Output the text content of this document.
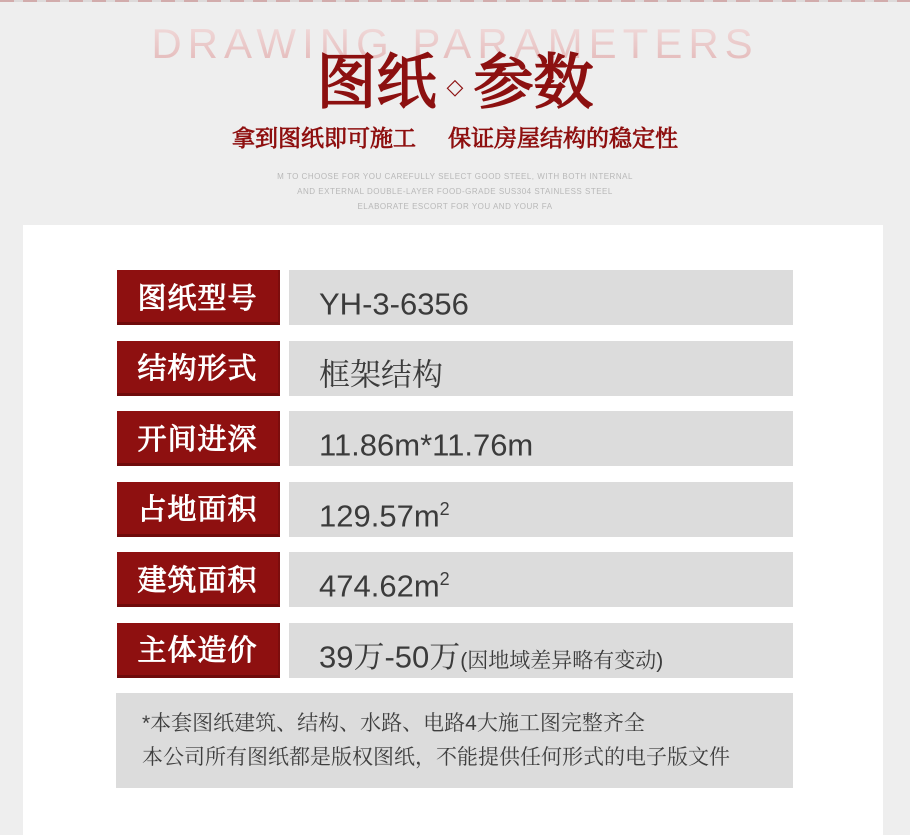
DRAWING PARAMETERS
图纸 ◇ 参数
拿到图纸即可施工 保证房屋结构的稳定性
M TO CHOOSE FOR YOU CAREFULLY SELECT GOOD STEEL, WITH BOTH INTERNAL
AND EXTERNAL DOUBLE-LAYER FOOD-GRADE SUS304 STAINLESS STEEL
ELABORATE ESCORT FOR YOU AND YOUR FA
图纸型号	YH-3-6356
结构形式	框架结构
开间进深	11.86m*11.76m
占地面积	$129.57m^2$
建筑面积	$474.62m^2$
主体造价	39万-50万(因地域差异略有变动)
*本套图纸建筑、结构、水路、电路4大施工图完整齐全
本公司所有图纸都是版权图纸，不能提供任何形式的电子版文件
